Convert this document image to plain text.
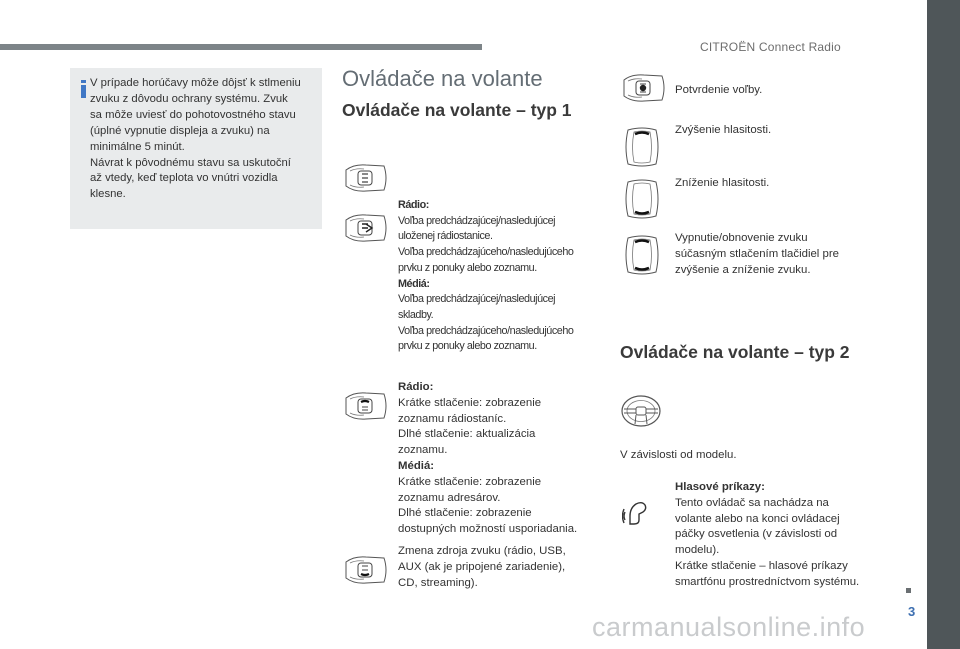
CITROËN Connect Radio
3
V prípade horúčavy môže dôjsť k stlmeniu
zvuku z dôvodu ochrany systému. Zvuk
sa môže uviesť do pohotovostného stavu
(úplné vypnutie displeja a zvuku) na
minimálne 5 minút.
Návrat k pôvodnému stavu sa uskutoční
až vtedy, keď teplota vo vnútri vozidla
klesne.
Ovládače na volante
Ovládače na volante – typ 1
Rádio:
Voľba predchádzajúcej/nasledujúcej
uloženej rádiostanice.
Voľba predchádzajúceho/nasledujúceho
prvku z ponuky alebo zoznamu.
Médiá:
Voľba predchádzajúcej/nasledujúcej
skladby.
Voľba predchádzajúceho/nasledujúceho
prvku z ponuky alebo zoznamu.
Rádio:
Krátke stlačenie: zobrazenie
zoznamu rádiostaníc.
Dlhé stlačenie: aktualizácia
zoznamu.
Médiá:
Krátke stlačenie: zobrazenie
zoznamu adresárov.
Dlhé stlačenie: zobrazenie
dostupných možností usporiadania.
Zmena zdroja zvuku (rádio, USB,
AUX (ak je pripojené zariadenie),
CD, streaming).
Potvrdenie voľby.
Zvýšenie hlasitosti.
Zníženie hlasitosti.
Vypnutie/obnovenie zvuku
súčasným stlačením tlačidiel pre
zvýšenie a zníženie zvuku.
Ovládače na volante – typ 2
V závislosti od modelu.
Hlasové príkazy:
Tento ovládač sa nachádza na
volante alebo na konci ovládacej
páčky osvetlenia (v závislosti od
modelu).
Krátke stlačenie – hlasové príkazy
smartfónu prostredníctvom systému.
carmanualsonline.info
